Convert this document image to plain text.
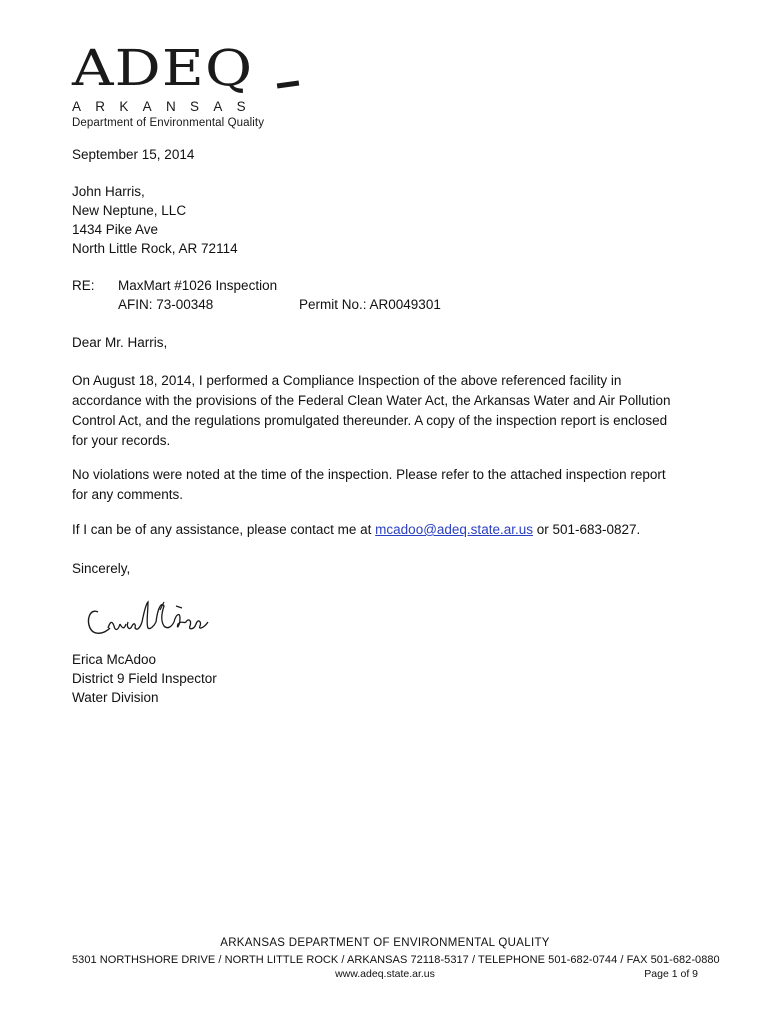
ADEQ
ARKANSAS
Department of Environmental Quality
September 15, 2014
John Harris,
New Neptune, LLC
1434 Pike Ave
North Little Rock, AR 72114
RE: MaxMart #1026 Inspection
AFIN: 73-00348	Permit No.: AR0049301
Dear Mr. Harris,
On August 18, 2014, I performed a Compliance Inspection of the above referenced facility in
accordance with the provisions of the Federal Clean Water Act, the Arkansas Water and Air Pollution
Control Act, and the regulations promulgated thereunder. A copy of the inspection report is enclosed
for your records.
No violations were noted at the time of the inspection. Please refer to the attached inspection report
for any comments.
If I can be of any assistance, please contact me at mcadoo@adeq.state.ar.us or 501-683-0827.
Sincerely,
Erica McAdoo
District 9 Field Inspector
Water Division
ARKANSAS DEPARTMENT OF ENVIRONMENTAL QUALITY
5301 NORTHSHORE DRIVE / NORTH LITTLE ROCK / ARKANSAS 72118-5317 / TELEPHONE 501-682-0744 / FAX 501-682-0880
www.adeq.state.ar.us	Page 1 of 9
